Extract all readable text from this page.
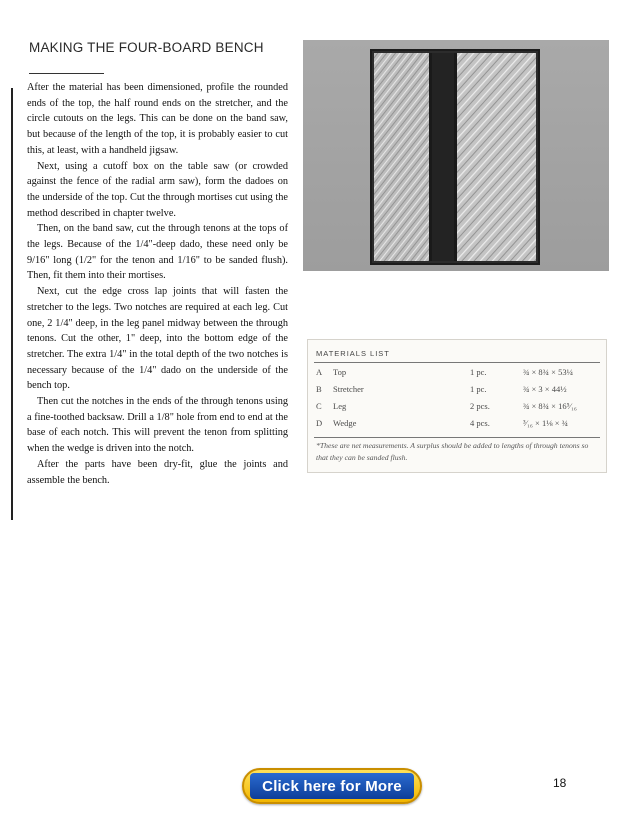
MAKING THE FOUR-BOARD BENCH

After the material has been dimensioned, profile the rounded ends of the top, the half round ends on the stretcher, and the circle cutouts on the legs. This can be done on the band saw, but because of the length of the top, it is probably easier to cut this, at least, with a handheld jigsaw.

Next, using a cutoff box on the table saw (or crowded against the fence of the radial arm saw), form the dadoes on the underside of the top. Cut the through mortises cut using the method described in chapter twelve.

Then, on the band saw, cut the through tenons at the tops of the legs. Because of the 1/4"-deep dado, these need only be 9/16" long (1/2" for the tenon and 1/16" to be sanded flush). Then, fit them into their mortises.

Next, cut the edge cross lap joints that will fasten the stretcher to the legs. Two notches are required at each leg. Cut one, 2 1/4" deep, in the leg panel midway between the through tenons. Cut the other, 1" deep, into the bottom edge of the stretcher. The extra 1/4" in the total depth of the two notches is necessary because of the 1/4" dado on the underside of the bench top.

Then cut the notches in the ends of the through tenons using a fine-toothed backsaw. Drill a 1/8" hole from end to end at the base of each notch. This will prevent the tenon from splitting when the wedge is driven into the notch.

After the parts have been dry-fit, glue the joints and assemble the bench.

MATERIALS LIST
A Top	1 pc.	¾ × 8¾ × 53¼
B Stretcher	1 pc.	¾ × 3 × 44½
C Leg	2 pcs.	¾ × 8¾ × 16⁵⁄₁₆
D Wedge	4 pcs.	³⁄₁₆ × 1⅛ × ¾
*These are net measurements. A surplus should be added to lengths of through tenons so that they can be sanded flush.
Click here for More	18
